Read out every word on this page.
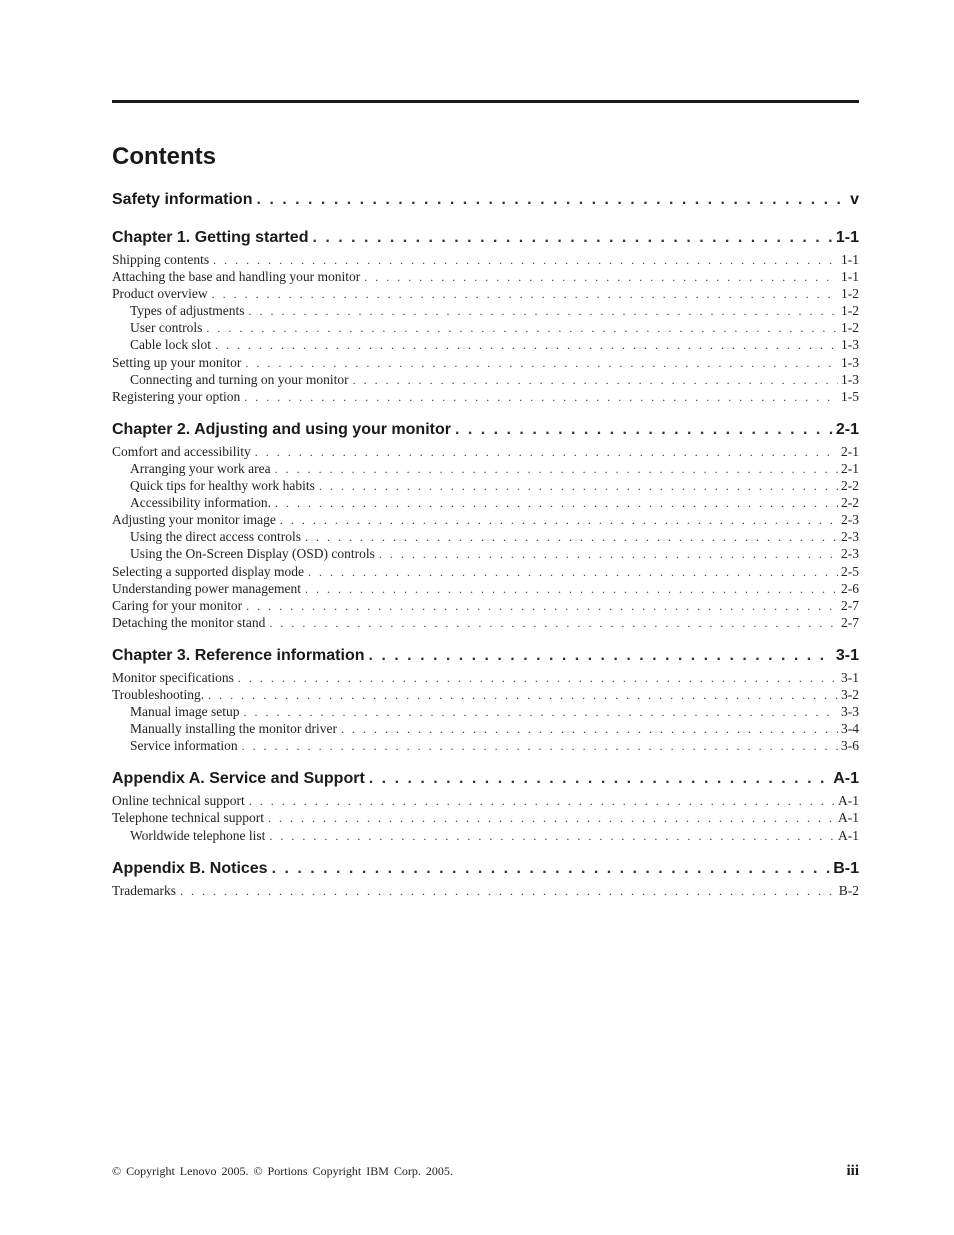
Contents
Safety information . . .	v
Chapter 1. Getting started . . .	1-1
Shipping contents . . .	1-1
Attaching the base and handling your monitor . . .	1-1
Product overview . . .	1-2
Types of adjustments . . .	1-2
User controls . . .	1-2
Cable lock slot . . .	1-3
Setting up your monitor . . .	1-3
Connecting and turning on your monitor . . .	1-3
Registering your option . . .	1-5
Chapter 2. Adjusting and using your monitor . . .	2-1
Comfort and accessibility . . .	2-1
Arranging your work area . . .	2-1
Quick tips for healthy work habits . . .	2-2
Accessibility information. . . .	2-2
Adjusting your monitor image . . .	2-3
Using the direct access controls . . .	2-3
Using the On-Screen Display (OSD) controls . . .	2-3
Selecting a supported display mode . . .	2-5
Understanding power management . . .	2-6
Caring for your monitor . . .	2-7
Detaching the monitor stand . . .	2-7
Chapter 3. Reference information . . .	3-1
Monitor specifications . . .	3-1
Troubleshooting. . . .	3-2
Manual image setup . . .	3-3
Manually installing the monitor driver . . .	3-4
Service information . . .	3-6
Appendix A. Service and Support . . .	A-1
Online technical support . . .	A-1
Telephone technical support . . .	A-1
Worldwide telephone list . . .	A-1
Appendix B. Notices . . .	B-1
Trademarks . . .	B-2
© Copyright Lenovo 2005. © Portions Copyright IBM Corp. 2005.	iii
